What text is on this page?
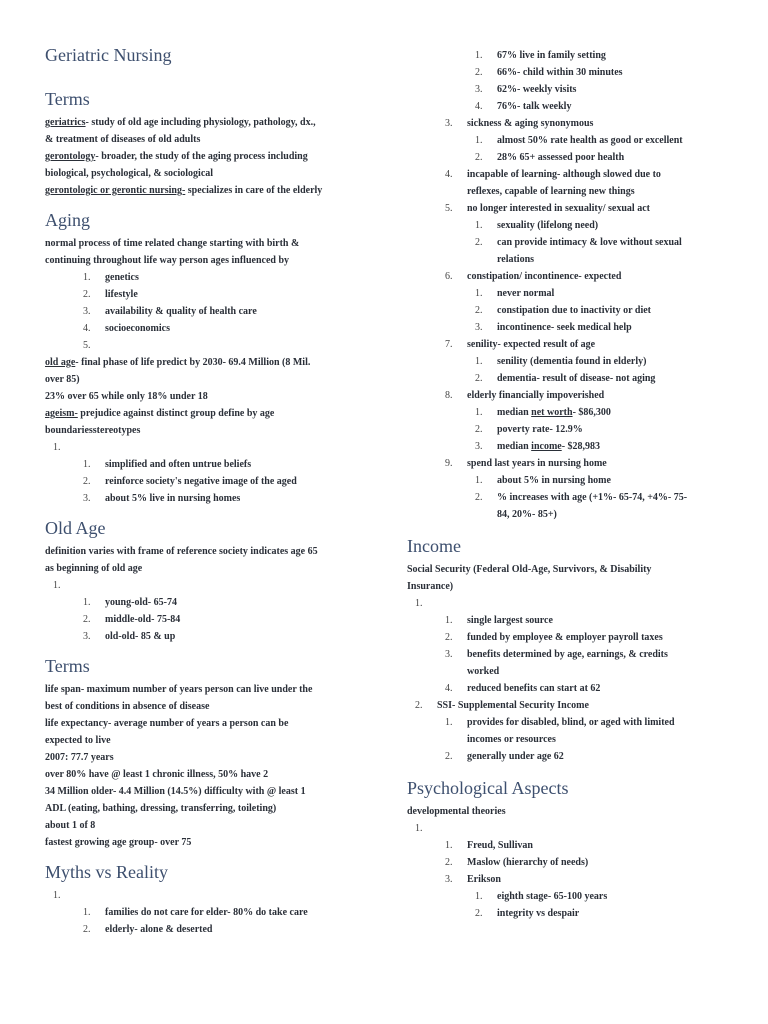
Geriatric Nursing
Terms
geriatrics- study of old age including physiology, pathology, dx.,
& treatment of diseases of old adults
gerontology- broader, the study of the aging process including
biological, psychological, & sociological
gerontologic or gerontic nursing- specializes in care of the elderly
Aging
normal process of time related change starting with birth &
continuing throughout life way person ages influenced by
1. genetics
2. lifestyle
3. availability & quality of health care
4. socioeconomics
5.
old age- final phase of life predict by 2030- 69.4 Million (8 Mil.
over 85)
23% over 65 while only 18% under 18
ageism- prejudice against distinct group define by age
boundariesstereotypes
1.
1. simplified and often untrue beliefs
2. reinforce society's negative image of the aged
3. about 5% live in nursing homes
Old Age
definition varies with frame of reference society indicates age 65
as beginning of old age
1.
1. young-old- 65-74
2. middle-old- 75-84
3. old-old- 85 & up
Terms
life span- maximum number of years person can live under the
best of conditions in absence of disease
life expectancy- average number of years a person can be
expected to live
2007: 77.7 years
over 80% have @ least 1 chronic illness, 50% have 2
34 Million older- 4.4 Million (14.5%) difficulty with @ least 1
ADL (eating, bathing, dressing, transferring, toileting)
about 1 of 8
fastest growing age group- over 75
Myths vs Reality
1.
1. families do not care for elder- 80% do take care
2. elderly- alone & deserted
1. 67% live in family setting
2. 66%- child within 30 minutes
3. 62%- weekly visits
4. 76%- talk weekly
3. sickness & aging synonymous
1. almost 50% rate health as good or excellent
2. 28% 65+ assessed poor health
4. incapable of learning- although slowed due to
reflexes, capable of learning new things
5. no longer interested in sexuality/ sexual act
1. sexuality (lifelong need)
2. can provide intimacy & love without sexual
relations
6. constipation/ incontinence- expected
1. never normal
2. constipation due to inactivity or diet
3. incontinence- seek medical help
7. senility- expected result of age
1. senility (dementia found in elderly)
2. dementia- result of disease- not aging
8. elderly financially impoverished
1. median net worth- $86,300
2. poverty rate- 12.9%
3. median income- $28,983
9. spend last years in nursing home
1. about 5% in nursing home
2. % increases with age (+1%- 65-74, +4%- 75-
84, 20%- 85+)
Income
Social Security (Federal Old-Age, Survivors, & Disability
Insurance)
1.
1. single largest source
2. funded by employee & employer payroll taxes
3. benefits determined by age, earnings, & credits
worked
4. reduced benefits can start at 62
2. SSI- Supplemental Security Income
1. provides for disabled, blind, or aged with limited
incomes or resources
2. generally under age 62
Psychological Aspects
developmental theories
1.
1. Freud, Sullivan
2. Maslow (hierarchy of needs)
3. Erikson
1. eighth stage- 65-100 years
2. integrity vs despair
